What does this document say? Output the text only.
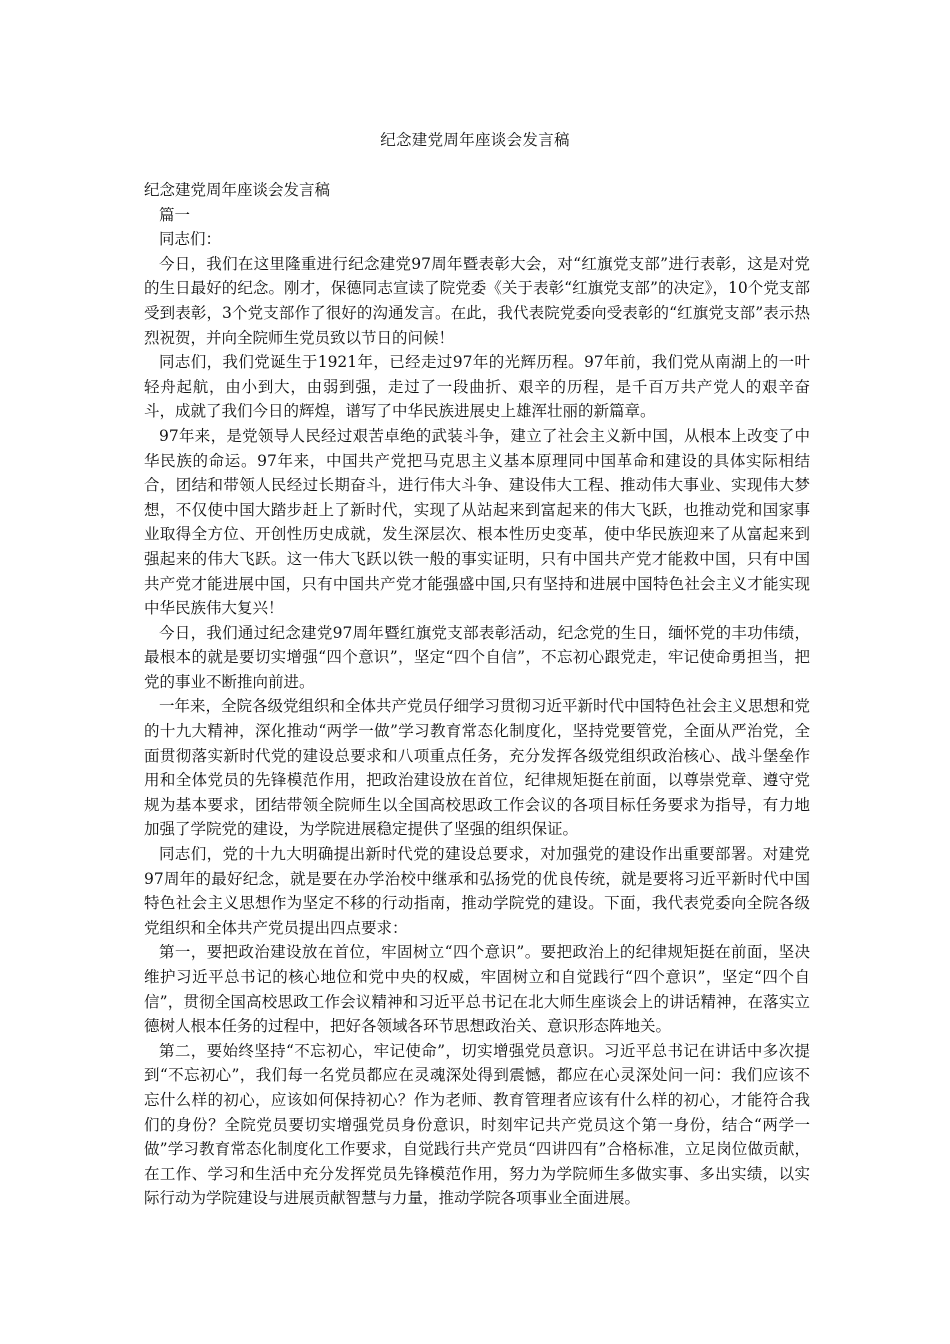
纪念建党周年座谈会发言稿

纪念建党周年座谈会发言稿

篇一

同志们：

今日，我们在这里隆重进行纪念建党97周年暨表彰大会，对“红旗党支部”进行表彰，这是对党的生日最好的纪念。刚才，保德同志宣读了院党委《关于表彰“红旗党支部”的决定》，10个党支部受到表彰，3个党支部作了很好的沟通发言。在此，我代表院党委向受表彰的“红旗党支部”表示热烈祝贺，并向全院师生党员致以节日的问候！

同志们，我们党诞生于1921年，已经走过97年的光辉历程。97年前，我们党从南湖上的一叶轻舟起航，由小到大，由弱到强，走过了一段曲折、艰辛的历程，是千百万共产党人的艰辛奋斗，成就了我们今日的辉煌，谱写了中华民族进展史上雄浑壮丽的新篇章。

97年来，是党领导人民经过艰苦卓绝的武装斗争，建立了社会主义新中国，从根本上改变了中华民族的命运。97年来，中国共产党把马克思主义基本原理同中国革命和建设的具体实际相结合，团结和带领人民经过长期奋斗，进行伟大斗争、建设伟大工程、推动伟大事业、实现伟大梦想，不仅使中国大踏步赶上了新时代，实现了从站起来到富起来的伟大飞跃，也推动党和国家事业取得全方位、开创性历史成就，发生深层次、根本性历史变革，使中华民族迎来了从富起来到强起来的伟大飞跃。这一伟大飞跃以铁一般的事实证明，只有中国共产党才能救中国，只有中国共产党才能进展中国，只有中国共产党才能强盛中国,只有坚持和进展中国特色社会主义才能实现中华民族伟大复兴！

今日，我们通过纪念建党97周年暨红旗党支部表彰活动，纪念党的生日，缅怀党的丰功伟绩，最根本的就是要切实增强“四个意识”，坚定“四个自信”，不忘初心跟党走，牢记使命勇担当，把党的事业不断推向前进。

一年来，全院各级党组织和全体共产党员仔细学习贯彻习近平新时代中国特色社会主义思想和党的十九大精神，深化推动“两学一做”学习教育常态化制度化，坚持党要管党，全面从严治党，全面贯彻落实新时代党的建设总要求和八项重点任务，充分发挥各级党组织政治核心、战斗堡垒作用和全体党员的先锋模范作用，把政治建设放在首位，纪律规矩挺在前面，以尊崇党章、遵守党规为基本要求，团结带领全院师生以全国高校思政工作会议的各项目标任务要求为指导，有力地加强了学院党的建设，为学院进展稳定提供了坚强的组织保证。

同志们，党的十九大明确提出新时代党的建设总要求，对加强党的建设作出重要部署。对建党97周年的最好纪念，就是要在办学治校中继承和弘扬党的优良传统，就是要将习近平新时代中国特色社会主义思想作为坚定不移的行动指南，推动学院党的建设。下面，我代表党委向全院各级党组织和全体共产党员提出四点要求：

第一，要把政治建设放在首位，牢固树立“四个意识”。要把政治上的纪律规矩挺在前面，坚决维护习近平总书记的核心地位和党中央的权威，牢固树立和自觉践行“四个意识”，坚定“四个自信”，贯彻全国高校思政工作会议精神和习近平总书记在北大师生座谈会上的讲话精神，在落实立德树人根本任务的过程中，把好各领域各环节思想政治关、意识形态阵地关。

第二，要始终坚持“不忘初心，牢记使命”，切实增强党员意识。习近平总书记在讲话中多次提到“不忘初心”，我们每一名党员都应在灵魂深处得到震憾，都应在心灵深处问一问：我们应该不忘什么样的初心，应该如何保持初心？作为老师、教育管理者应该有什么样的初心，才能符合我们的身份？全院党员要切实增强党员身份意识，时刻牢记共产党员这个第一身份，结合“两学一做”学习教育常态化制度化工作要求，自觉践行共产党员“四讲四有”合格标准，立足岗位做贡献，在工作、学习和生活中充分发挥党员先锋模范作用，努力为学院师生多做实事、多出实绩，以实际行动为学院建设与进展贡献智慧与力量，推动学院各项事业全面进展。
